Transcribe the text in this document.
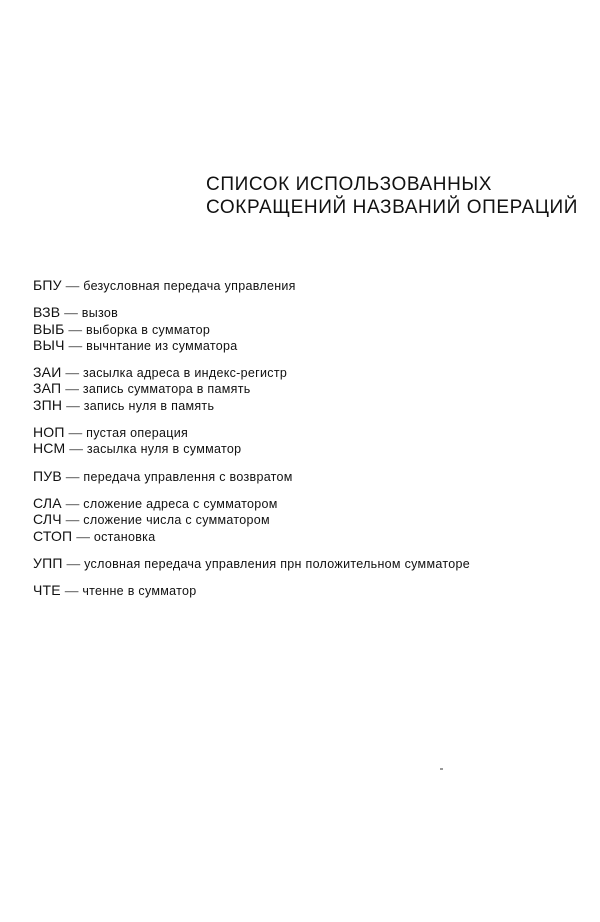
СПИСОК ИСПОЛЬЗОВАННЫХ
СОКРАЩЕНИЙ НАЗВАНИЙ ОПЕРАЦИЙ
БПУ — безусловная передача управления
ВЗВ — вызов
ВЫБ — выборка в сумматор
ВЫЧ — вычнтание из сумматора
ЗАИ — засылка адреса в индекс-регистр
ЗАП — запись сумматора в память
ЗПН — запись нуля в память
НОП — пустая операция
НСМ — засылка нуля в сумматор
ПУВ — передача управлення с возвратом
СЛА — сложение адреса с сумматором
СЛЧ — сложение числа с сумматором
СТОП — остановка
УПП — условная передача управления прн положительном сумматоре
ЧТЕ — чтенне в сумматор
